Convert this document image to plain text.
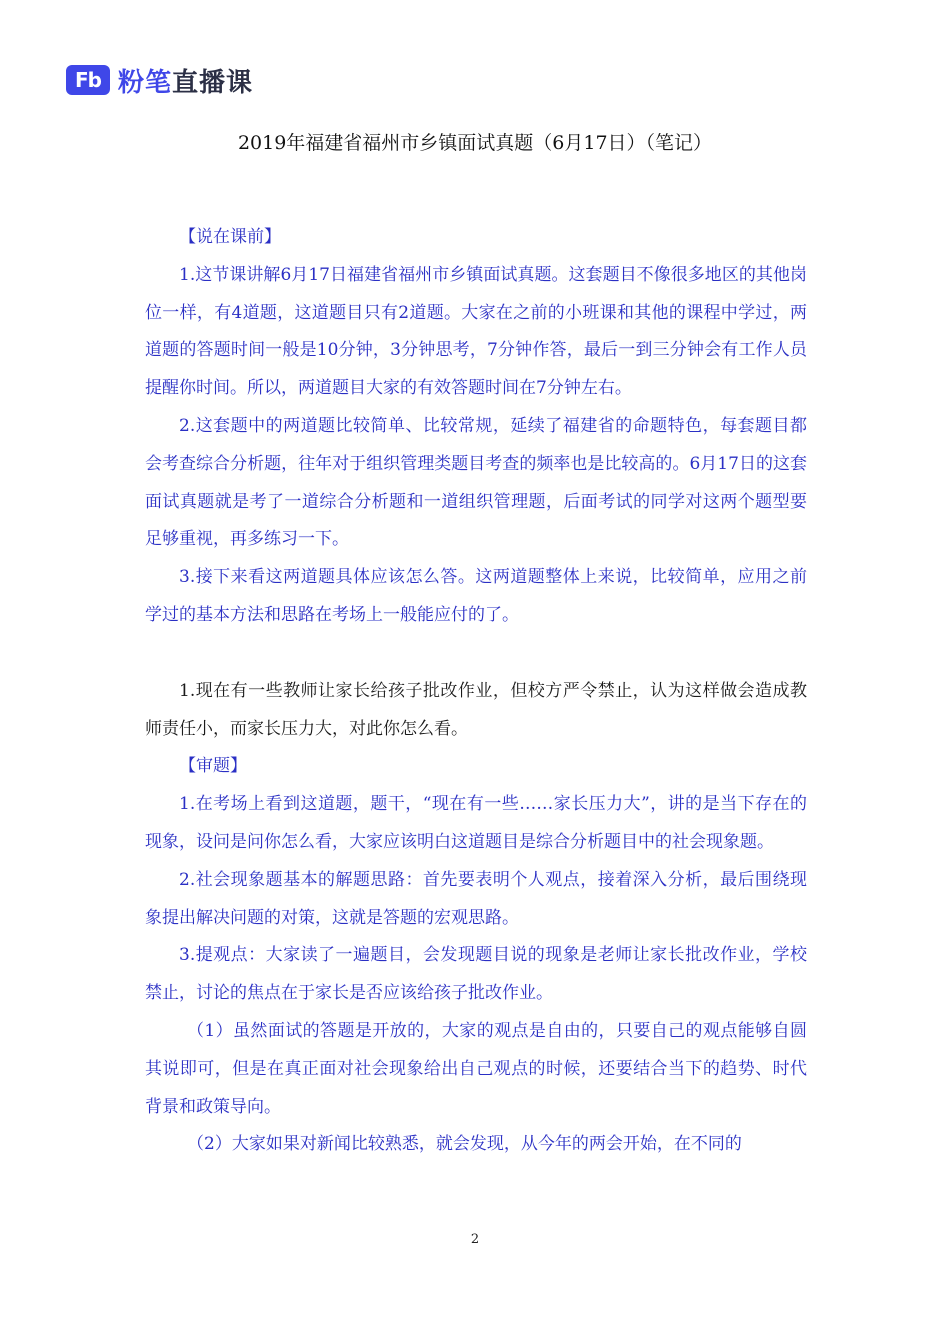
Fb 粉笔直播课
2019年福建省福州市乡镇面试真题（6月17日）（笔记）

【说在课前】

1.这节课讲解6月17日福建省福州市乡镇面试真题。这套题目不像很多地区的其他岗位一样，有4道题，这道题目只有2道题。大家在之前的小班课和其他的课程中学过，两道题的答题时间一般是10分钟，3分钟思考，7分钟作答，最后一到三分钟会有工作人员提醒你时间。所以，两道题目大家的有效答题时间在7分钟左右。

2.这套题中的两道题比较简单、比较常规，延续了福建省的命题特色，每套题目都会考查综合分析题，往年对于组织管理类题目考查的频率也是比较高的。6月17日的这套面试真题就是考了一道综合分析题和一道组织管理题，后面考试的同学对这两个题型要足够重视，再多练习一下。

3.接下来看这两道题具体应该怎么答。这两道题整体上来说，比较简单，应用之前学过的基本方法和思路在考场上一般能应付的了。

1.现在有一些教师让家长给孩子批改作业，但校方严令禁止，认为这样做会造成教师责任小，而家长压力大，对此你怎么看。

【审题】

1.在考场上看到这道题，题干，“现在有一些……家长压力大”，讲的是当下存在的现象，设问是问你怎么看，大家应该明白这道题目是综合分析题目中的社会现象题。

2.社会现象题基本的解题思路：首先要表明个人观点，接着深入分析，最后围绕现象提出解决问题的对策，这就是答题的宏观思路。

3.提观点：大家读了一遍题目，会发现题目说的现象是老师让家长批改作业，学校禁止，讨论的焦点在于家长是否应该给孩子批改作业。

（1）虽然面试的答题是开放的，大家的观点是自由的，只要自己的观点能够自圆其说即可，但是在真正面对社会现象给出自己观点的时候，还要结合当下的趋势、时代背景和政策导向。

（2）大家如果对新闻比较熟悉，就会发现，从今年的两会开始，在不同的

2
